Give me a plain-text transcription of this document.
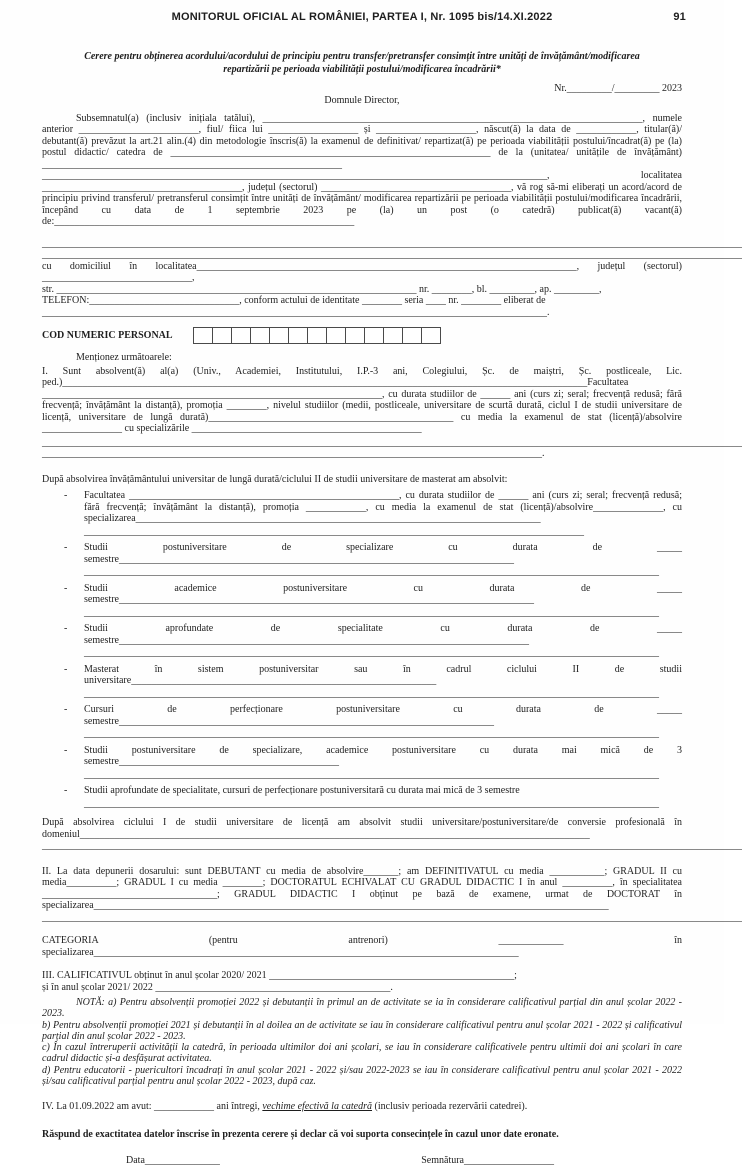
MONITORUL OFICIAL AL ROMÂNIEI, PARTEA I, Nr. 1095 bis/14.XI.2022	91
Cerere pentru obținerea acordului/acordului de principiu pentru transfer/pretransfer consimțit între unități de învățământ/modificarea repartizării pe perioada viabilității postului/modificarea încadrării*
Nr._________/_________ 2023
Domnule Director,
Subsemnatul(a) (inclusiv inițiala tatălui), ____________________________________________________________________________, numele anterior ________________________, fiul/ fiica lui __________________ și ____________________, născut(ă) la data de ____________, titular(ă)/ debutant(ă) prevăzut la art.21 alin.(4) din metodologie înscris(ă) la examenul de definitivat/ repartizat(ă) pe perioada viabilității postului/încadrat(ă) pe (la) postul didactic/ catedra de ________________________________________________________________ de la (unitatea/ unitățile de învățământ) ____________________________________________________________ _____________________________________________________________________________________________________, localitatea ________________________________________, județul (sectorul) ______________________________________, vă rog să-mi eliberați un acord/acord de principiu privind transferul/ pretransferul consimțit între unități de învățământ/ modificarea repartizării pe perioada viabilității postului/modificarea încadrării, începând cu data de 1 septembrie 2023 pe (la) un post (o catedră) publicat(ă) vacant(ă) de:____________________________________________________________
____________________________________________________________________________________________________________________________________________
____________________________________________________________________________________________________________________________________________
cu domiciliul în localitatea____________________________________________________________________________, județul (sectorul) ______________________________,
str. ________________________________________________________________________ nr. ________, bl. _________, ap. _________,
TELEFON:______________________________, conform actului de identitate ________ seria ____ nr. ________ eliberat de
_____________________________________________________________________________________________________.
COD NUMERIC PERSONAL
Menționez următoarele:
I. Sunt absolvent(ă) al(a) (Univ., Academiei, Institutului, I.P.-3 ani, Colegiului, Șc. de maiștri, Șc. postliceale, Lic. ped.)_________________________________________________________________________________________________________Facultatea ____________________________________________________________________, cu durata studiilor de ______ ani (curs zi; seral; frecvență redusă; fără frecvență; învățământ la distanță), promoția ________, nivelul studiilor (medii, postliceale, universitare de scurtă durată, ciclul I de studii universitare de licență, universitare de lungă durată)_________________________________________________ cu media la examenul de stat (licență)/absolvire ________________ cu specializările ______________________________________________
____________________________________________________________________________________________________________________________________________
____________________________________________________________________________________________________.
După absolvirea învățământului universitar de lungă durată/ciclului II de studii universitare de masterat am absolvit:
-	Facultatea ______________________________________________________, cu durata studiilor de ______ ani (curs zi; seral; frecvență redusă; fără frecvență; învățământ la distanță), promoția ____________, cu media la examenul de stat (licență)/absolvire______________, cu specializarea_________________________________________________________________________________
____________________________________________________________________________________________________
-	Studii postuniversitare de specializare cu durata de _____ semestre_______________________________________________________________________________
___________________________________________________________________________________________________________________
-	Studii academice postuniversitare cu durata de _____ semestre___________________________________________________________________________________
___________________________________________________________________________________________________________________
-	Studii aprofundate de specialitate cu durata de _____ semestre__________________________________________________________________________________
___________________________________________________________________________________________________________________
-	Masterat în sistem postuniversitar sau în cadrul ciclului II de studii universitare_____________________________________________________________
___________________________________________________________________________________________________________________
-	Cursuri de perfecționare postuniversitare cu durata de _____ semestre___________________________________________________________________________
___________________________________________________________________________________________________________________
-	Studii postuniversitare de specializare, academice postuniversitare cu durata mai mică de 3 semestre____________________________________________
___________________________________________________________________________________________________________________
-	Studii aprofundate de specialitate, cursuri de perfecționare postuniversitară cu durata mai mică de 3 semestre
___________________________________________________________________________________________________________________
După absolvirea ciclului I de studii universitare de licență am absolvit studii universitare/postuniversitare/de conversie profesională în domeniul______________________________________________________________________________________________________
____________________________________________________________________________________________________________________________________________
II. La data depunerii dosarului: sunt DEBUTANT cu media de absolvire_______; am DEFINITIVATUL cu media ___________; GRADUL II cu media__________; GRADUL I cu media ________; DOCTORATUL ECHIVALAT CU GRADUL DIDACTIC I în anul __________, în specialitatea ___________________________________; GRADUL DIDACTIC I obținut pe bază de examene, urmat de DOCTORAT în specializarea_______________________________________________________________________________________________________
____________________________________________________________________________________________________________________________________________
CATEGORIA (pentru antrenori) _____________ în specializarea_____________________________________________________________________________________
III. CALIFICATIVUL obținut în anul școlar 2020/ 2021 _________________________________________________;
și în anul școlar 2021/ 2022 _______________________________________________.
NOTĂ: a) Pentru absolvenții promoției 2022 și debutanții în primul an de activitate se ia în considerare calificativul parțial din anul școlar 2022 - 2023.
b) Pentru absolvenții promoției 2021 și debutanții în al doilea an de activitate se iau în considerare calificativul pentru anul școlar 2021 - 2022 și calificativul parțial din anul școlar 2022 - 2023.
c) În cazul întreruperii activității la catedră, în perioada ultimilor doi ani școlari, se iau în considerare calificativele pentru ultimii doi ani școlari în care cadrul didactic și-a desfășurat activitatea.
d) Pentru educatorii - puericultori încadrați în anul școlar 2021 - 2022 și/sau 2022-2023 se iau în considerare calificativul pentru anul școlar 2021 - 2022 și/sau calificativul parțial pentru anul școlar 2022 - 2023, după caz.
IV. La 01.09.2022 am avut: ____________ ani întregi, vechime efectivă la catedră (inclusiv perioada rezervării catedrei).
Răspund de exactitatea datelor înscrise în prezenta cerere și declar că voi suporta consecințele în cazul unor date eronate.
Data_______________	Semnătura__________________
